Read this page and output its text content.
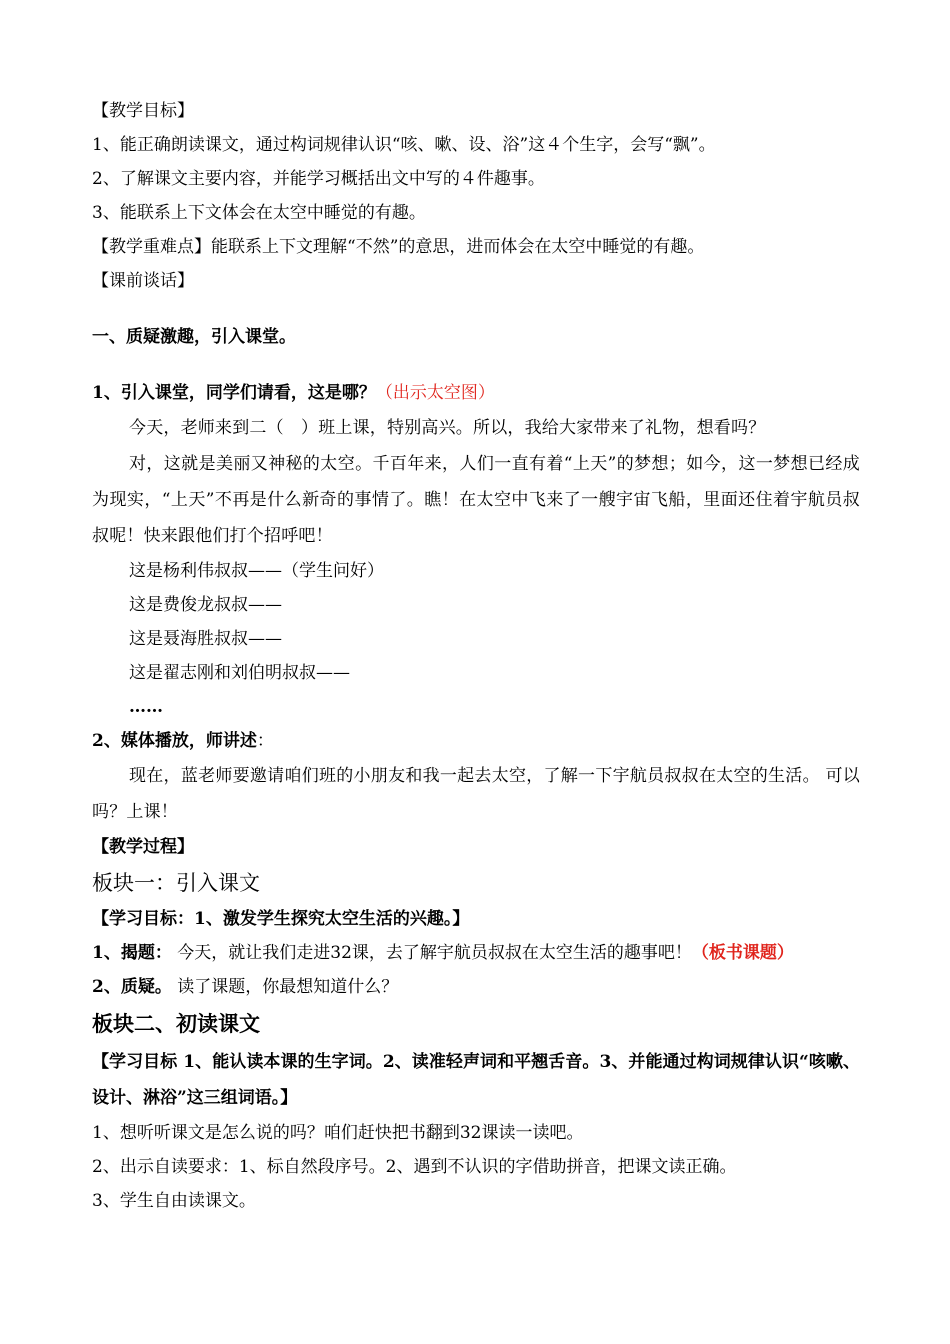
【教学目标】
1、能正确朗读课文，通过构词规律认识“咳、嗽、设、浴”这４个生字，会写“飘”。
2、了解课文主要内容，并能学习概括出文中写的４件趣事。
3、能联系上下文体会在太空中睡觉的有趣。
【教学重难点】能联系上下文理解“不然”的意思，进而体会在太空中睡觉的有趣。
【课前谈话】
一、质疑激趣，引入课堂。
1、引入课堂，同学们请看，这是哪？（出示太空图）
今天，老师来到二（　）班上课，特别高兴。所以，我给大家带来了礼物，想看吗？
对，这就是美丽又神秘的太空。千百年来，人们一直有着“上天”的梦想；如今，这一梦想已经成为现实，“上天”不再是什么新奇的事情了。瞧！在太空中飞来了一艘宇宙飞船，里面还住着宇航员叔叔呢！快来跟他们打个招呼吧！
这是杨利伟叔叔——（学生问好）
这是费俊龙叔叔——
这是聂海胜叔叔——
这是翟志刚和刘伯明叔叔——
……
2、媒体播放，师讲述：
现在，蓝老师要邀请咱们班的小朋友和我一起去太空，了解一下宇航员叔叔在太空的生活。 可以吗？上课！
【教学过程】
板块一：引入课文
【学习目标：1、激发学生探究太空生活的兴趣。】
1、揭题： 今天，就让我们走进32课，去了解宇航员叔叔在太空生活的趣事吧！（板书课题）
2、质疑。 读了课题，你最想知道什么？
板块二、初读课文
【学习目标 1、能认读本课的生字词。2、读准轻声词和平翘舌音。3、并能通过构词规律认识“咳嗽、设计、淋浴”这三组词语。】
1、想听听课文是怎么说的吗？咱们赶快把书翻到32课读一读吧。
2、出示自读要求：1、标自然段序号。2、遇到不认识的字借助拼音，把课文读正确。
3、学生自由读课文。
